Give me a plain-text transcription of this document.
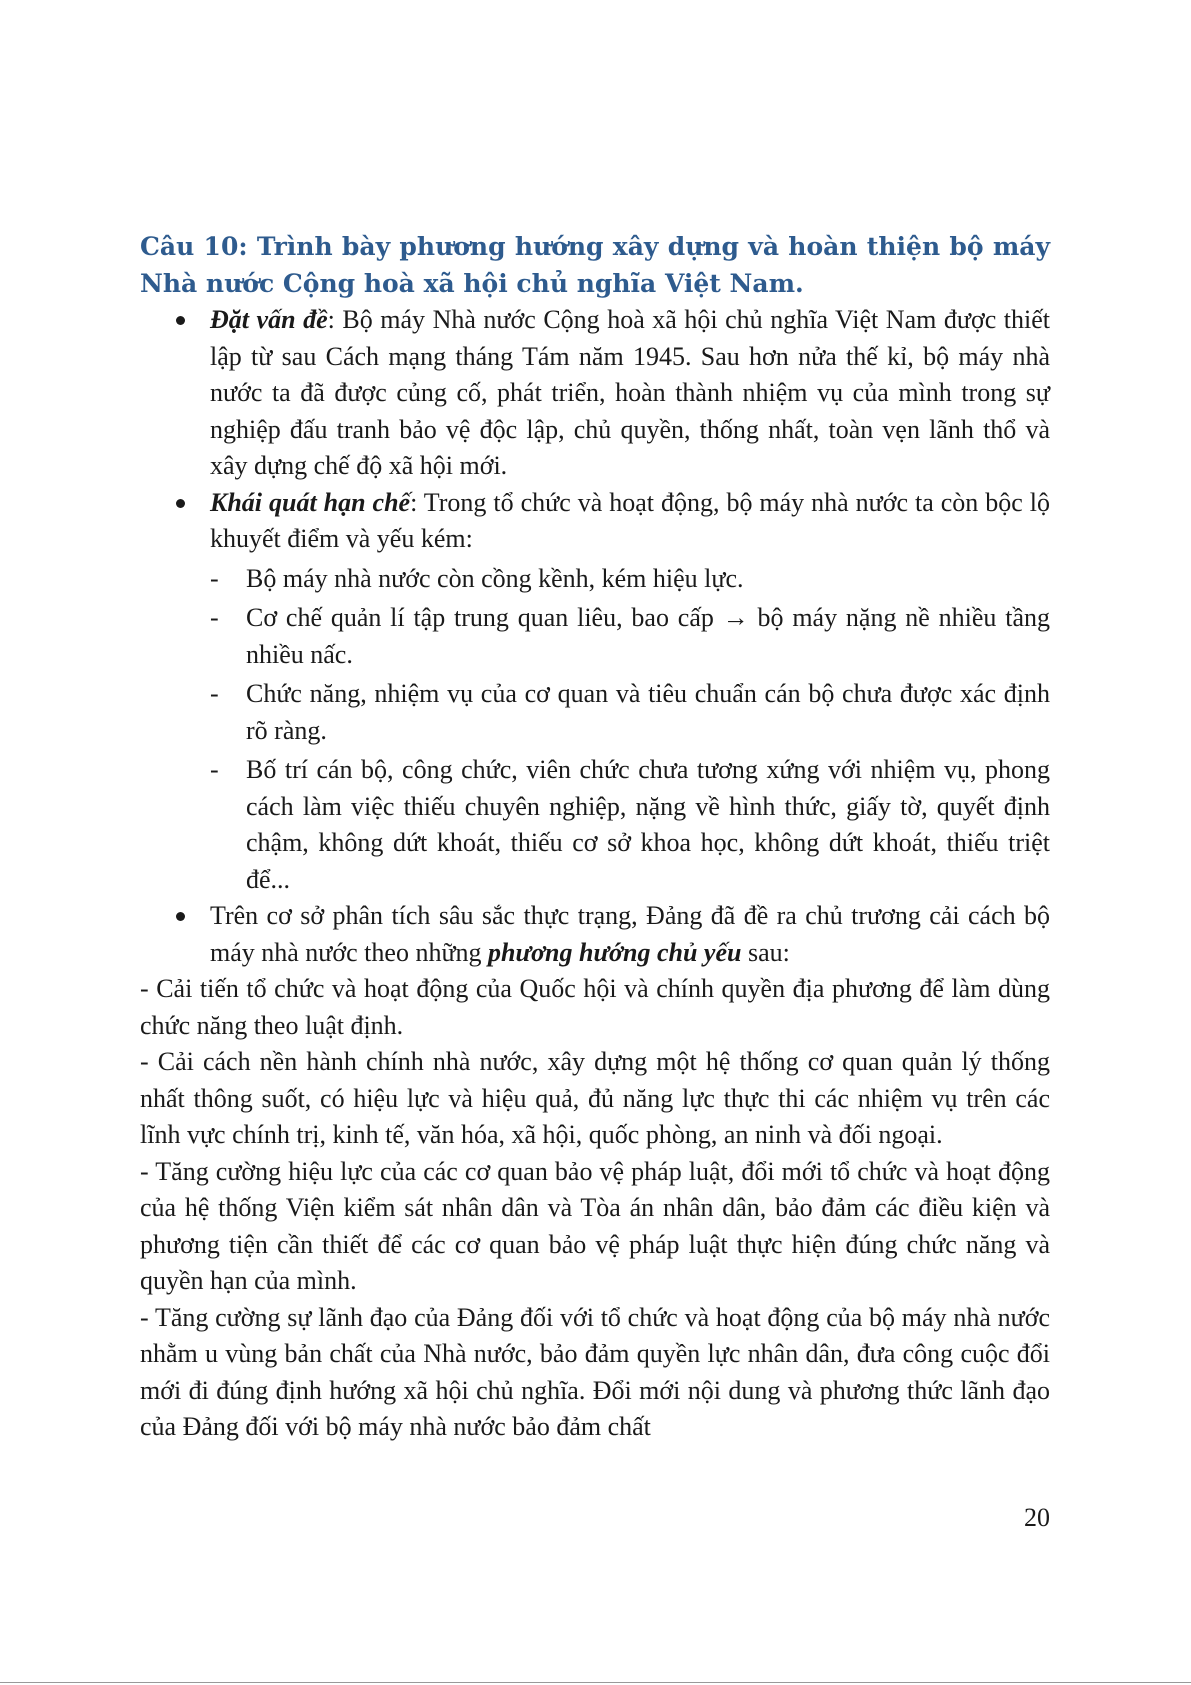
Câu 10: Trình bày phương hướng xây dựng và hoàn thiện bộ máy Nhà nước Cộng hoà xã hội chủ nghĩa Việt Nam.
Đặt vấn đề: Bộ máy Nhà nước Cộng hoà xã hội chủ nghĩa Việt Nam được thiết lập từ sau Cách mạng tháng Tám năm 1945. Sau hơn nửa thế kỉ, bộ máy nhà nước ta đã được củng cố, phát triển, hoàn thành nhiệm vụ của mình trong sự nghiệp đấu tranh bảo vệ độc lập, chủ quyền, thống nhất, toàn vẹn lãnh thổ và xây dựng chế độ xã hội mới.
Khái quát hạn chế: Trong tổ chức và hoạt động, bộ máy nhà nước ta còn bộc lộ khuyết điểm và yếu kém:
- Bộ máy nhà nước còn cồng kềnh, kém hiệu lực.
- Cơ chế quản lí tập trung quan liêu, bao cấp → bộ máy nặng nề nhiều tầng nhiều nấc.
- Chức năng, nhiệm vụ của cơ quan và tiêu chuẩn cán bộ chưa được xác định rõ ràng.
- Bố trí cán bộ, công chức, viên chức chưa tương xứng với nhiệm vụ, phong cách làm việc thiếu chuyên nghiệp, nặng về hình thức, giấy tờ, quyết định chậm, không dứt khoát, thiếu cơ sở khoa học, không dứt khoát, thiếu triệt để...
Trên cơ sở phân tích sâu sắc thực trạng, Đảng đã đề ra chủ trương cải cách bộ máy nhà nước theo những phương hướng chủ yếu sau:
- Cải tiến tổ chức và hoạt động của Quốc hội và chính quyền địa phương để làm dùng chức năng theo luật định.
- Cải cách nền hành chính nhà nước, xây dựng một hệ thống cơ quan quản lý thống nhất thông suốt, có hiệu lực và hiệu quả, đủ năng lực thực thi các nhiệm vụ trên các lĩnh vực chính trị, kinh tế, văn hóa, xã hội, quốc phòng, an ninh và đối ngoại.
- Tăng cường hiệu lực của các cơ quan bảo vệ pháp luật, đổi mới tổ chức và hoạt động của hệ thống Viện kiểm sát nhân dân và Tòa án nhân dân, bảo đảm các điều kiện và phương tiện cần thiết để các cơ quan bảo vệ pháp luật thực hiện đúng chức năng và quyền hạn của mình.
- Tăng cường sự lãnh đạo của Đảng đối với tổ chức và hoạt động của bộ máy nhà nước nhằm u vùng bản chất của Nhà nước, bảo đảm quyền lực nhân dân, đưa công cuộc đổi mới đi đúng định hướng xã hội chủ nghĩa. Đổi mới nội dung và phương thức lãnh đạo của Đảng đối với bộ máy nhà nước bảo đảm chất
20
